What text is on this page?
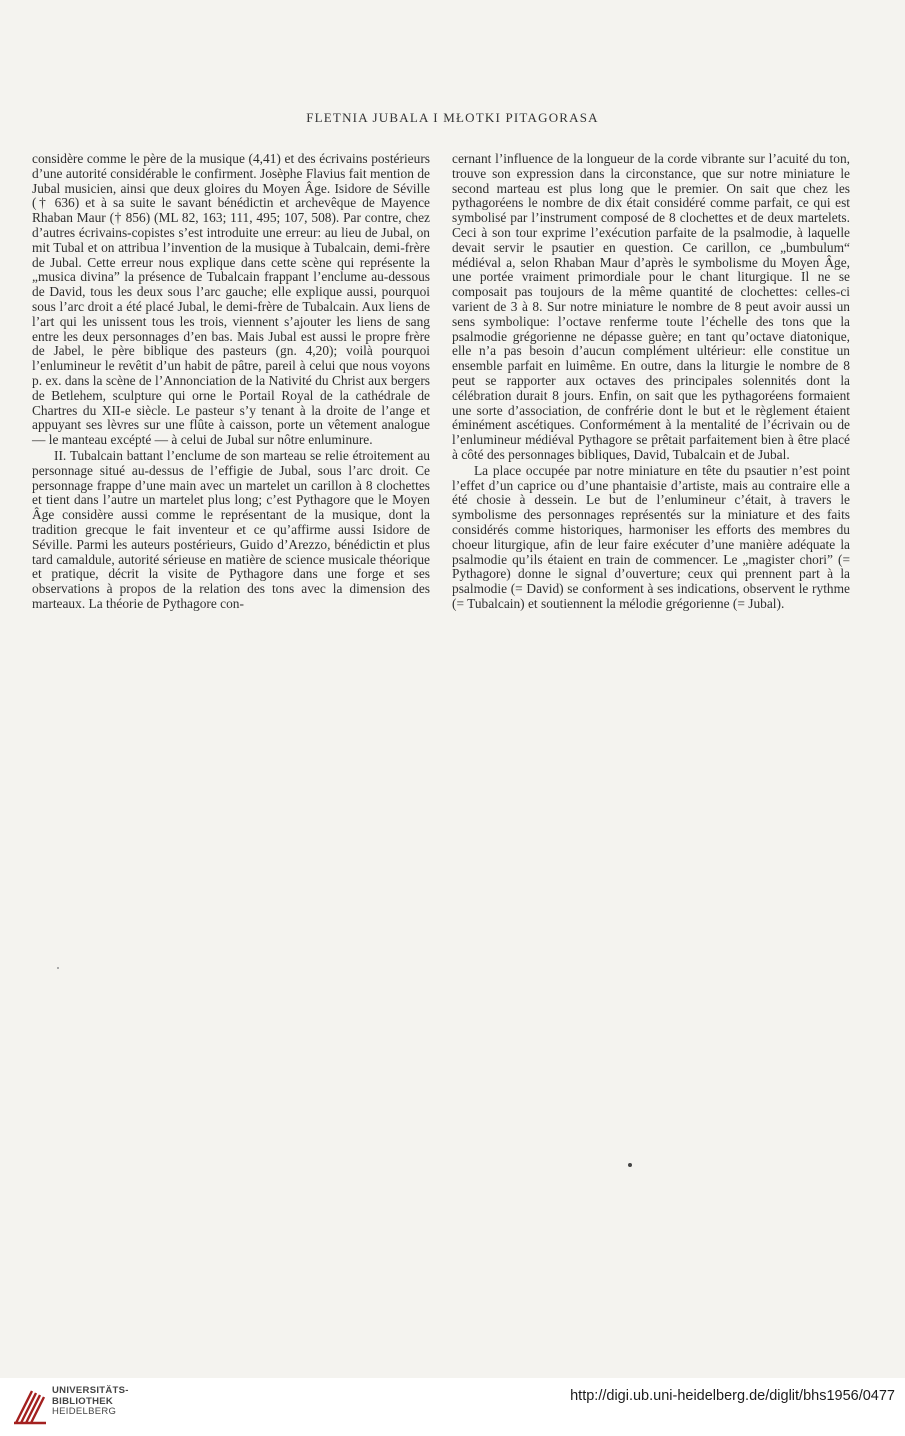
FLETNIA JUBALA I MŁOTKI PITAGORASA

considère comme le père de la musique (4,41) et des écrivains postérieurs d’une autorité considérable le confirment. Josèphe Flavius fait mention de Jubal musicien, ainsi que deux gloires du Moyen Âge. Isidore de Séville († 636) et à sa suite le savant bénédictin et archevêque de Mayence Rhaban Maur († 856) (ML 82, 163; 111, 495; 107, 508). Par contre, chez d’autres écrivains-copistes s’est introduite une erreur: au lieu de Jubal, on mit Tubal et on attribua l’invention de la musique à Tubalcain, demi-frère de Jubal. Cette erreur nous explique dans cette scène qui représente la „musica divina” la présence de Tubalcain frappant l’enclume au-dessous de David, tous les deux sous l’arc gauche; elle explique aussi, pourquoi sous l’arc droit a été placé Jubal, le demi-frère de Tubalcain. Aux liens de l’art qui les unissent tous les trois, viennent s’ajouter les liens de sang entre les deux personnages d’en bas. Mais Jubal est aussi le propre frère de Jabel, le père biblique des pasteurs (gn. 4,20); voilà pourquoi l’enlumineur le revêtit d’un habit de pâtre, pareil à celui que nous voyons p. ex. dans la scène de l’Annonciation de la Nativité du Christ aux bergers de Betlehem, sculpture qui orne le Portail Royal de la cathédrale de Chartres du XII-e siècle. Le pasteur s’y tenant à la droite de l’ange et appuyant ses lèvres sur une flûte à caisson, porte un vêtement analogue — le manteau excépté — à celui de Jubal sur nôtre enluminure.

II. Tubalcain battant l’enclume de son marteau se relie étroitement au personnage situé au-dessus de l’effigie de Jubal, sous l’arc droit. Ce personnage frappe d’une main avec un martelet un carillon à 8 clochettes et tient dans l’autre un martelet plus long; c’est Pythagore que le Moyen Âge considère aussi comme le représentant de la musique, dont la tradition grecque le fait inventeur et ce qu’affirme aussi Isidore de Séville. Parmi les auteurs postérieurs, Guido d’Arezzo, bénédictin et plus tard camaldule, autorité sérieuse en matière de science musicale théorique et pratique, décrit la visite de Pythagore dans une forge et ses observations à propos de la relation des tons avec la dimension des marteaux. La théorie de Pythagore con-

cernant l’influence de la longueur de la corde vibrante sur l’acuité du ton, trouve son expression dans la circonstance, que sur notre miniature le second marteau est plus long que le premier. On sait que chez les pythagoréens le nombre de dix était considéré comme parfait, ce qui est symbolisé par l’instrument composé de 8 clochettes et de deux martelets. Ceci à son tour exprime l’exécution parfaite de la psalmodie, à laquelle devait servir le psautier en question. Ce carillon, ce „bumbulum“ médiéval a, selon Rhaban Maur d’après le symbolisme du Moyen Âge, une portée vraiment primordiale pour le chant liturgique. Il ne se composait pas toujours de la même quantité de clochettes: celles-ci varient de 3 à 8. Sur notre miniature le nombre de 8 peut avoir aussi un sens symbolique: l’octave renferme toute l’échelle des tons que la psalmodie grégorienne ne dépasse guère; en tant qu’octave diatonique, elle n’a pas besoin d’aucun complément ultérieur: elle constitue un ensemble parfait en luimême. En outre, dans la liturgie le nombre de 8 peut se rapporter aux octaves des principales solennités dont la célébration durait 8 jours. Enfin, on sait que les pythagoréens formaient une sorte d’association, de confrérie dont le but et le règlement étaient éminément ascétiques. Conformément à la mentalité de l’écrivain ou de l’enlumineur médiéval Pythagore se prêtait parfaitement bien à être placé à côté des personnages bibliques, David, Tubalcain et de Jubal.

La place occupée par notre miniature en tête du psautier n’est point l’effet d’un caprice ou d’une phantaisie d’artiste, mais au contraire elle a été chosie à dessein. Le but de l’enlumineur c’était, à travers le symbolisme des personnages représentés sur la miniature et des faits considérés comme historiques, harmoniser les efforts des membres du choeur liturgique, afin de leur faire exécuter d’une manière adéquate la psalmodie qu’ils étaient en train de commencer. Le „magister chori” (= Pythagore) donne le signal d’ouverture; ceux qui prennent part à la psalmodie (= David) se conforment à ses indications, observent le rythme (= Tubalcain) et soutiennent la mélodie grégorienne (= Jubal).

UNIVERSITÄTS-
BIBLIOTHEK
HEIDELBERG
http://digi.ub.uni-heidelberg.de/diglit/bhs1956/0477
